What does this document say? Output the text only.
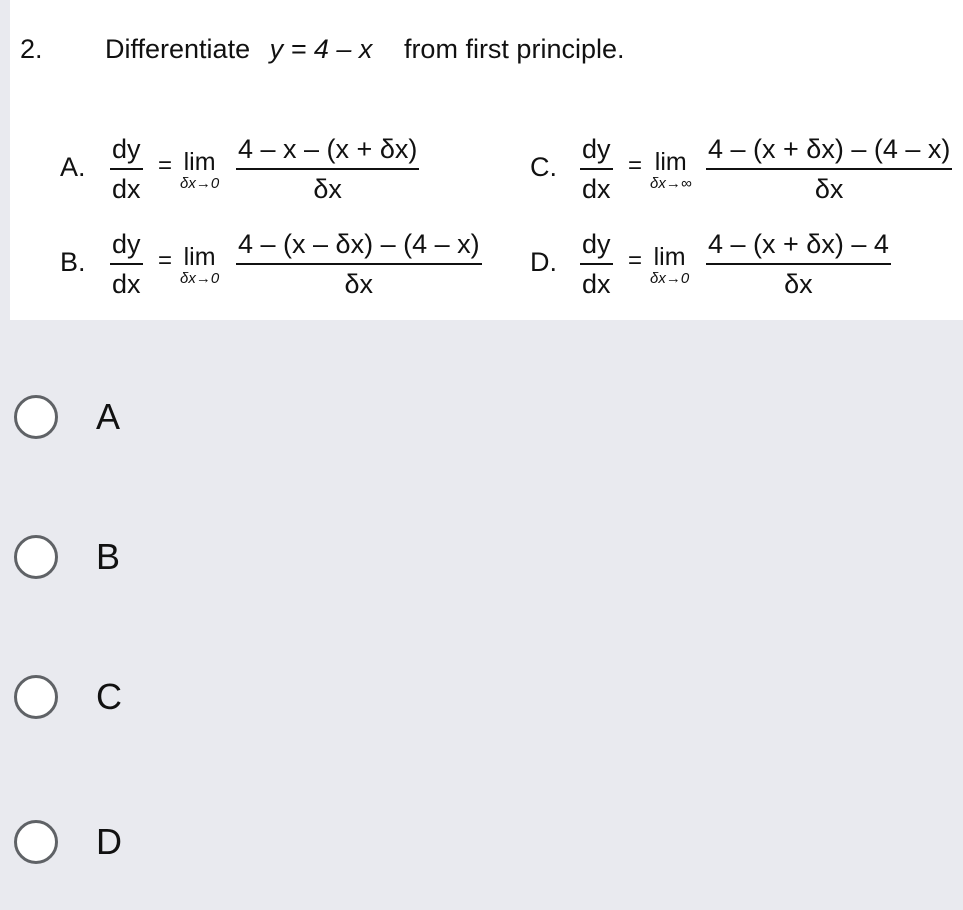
2. Differentiate y = 4 – x from first principle.
A.
dy
dx
= lim
δx→0
4 – x – (x + δx)
δx
B.
dy
dx
= lim
δx→0
4 – (x – δx) – (4 – x)
δx
C.
dy
dx
= lim
δx→∞
4 – (x + δx) – (4 – x)
δx
D.
dy
dx
= lim
δx→0
4 – (x + δx) – 4
δx
A
B
C
D
